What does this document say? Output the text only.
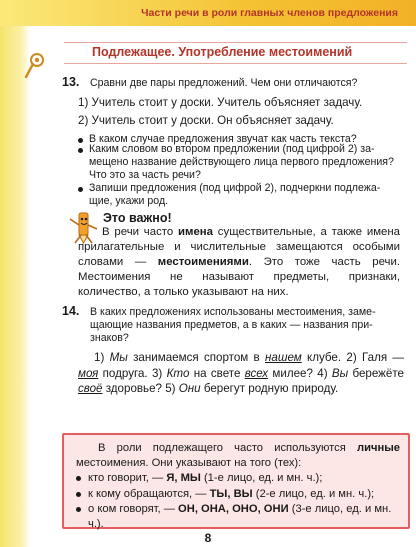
Части речи в роли главных членов предложения
Подлежащее. Употребление местоимений
13. Сравни две пары предложений. Чем они отличаются?
1) Учитель стоит у доски. Учитель объясняет задачу.
2) Учитель стоит у доски. Он объясняет задачу.
В каком случае предложения звучат как часть текста?
Каким словом во втором предложении (под цифрой 2) за-
мещено название действующего лица первого предложения?
Что это за часть речи?
Запиши предложения (под цифрой 2), подчеркни подлежа-
щие, укажи род.
Это важно!
В речи часто имена существительные, а также имена прилагательные и числительные замещаются особыми словами — местоимениями. Это тоже часть речи. Местоимения не называют предметы, признаки, количество, а только указывают на них.
14. В каких предложениях использованы местоимения, заме-
щающие названия предметов, а в каких — названия при-
знаков?
1) Мы занимаемся спортом в нашем клубе. 2) Галя — моя подруга. 3) Кто на свете всех милее? 4) Вы бережёте своё здоровье? 5) Они берегут родную природу.
В роли подлежащего часто используются личные местоимения. Они указывают на того (тех):
кто говорит, — Я, МЫ (1-е лицо, ед. и мн. ч.);
к кому обращаются, — ТЫ, ВЫ (2-е лицо, ед. и мн. ч.);
о ком говорят, — ОН, ОНА, ОНО, ОНИ (3-е лицо, ед. и мн. ч.).
8
